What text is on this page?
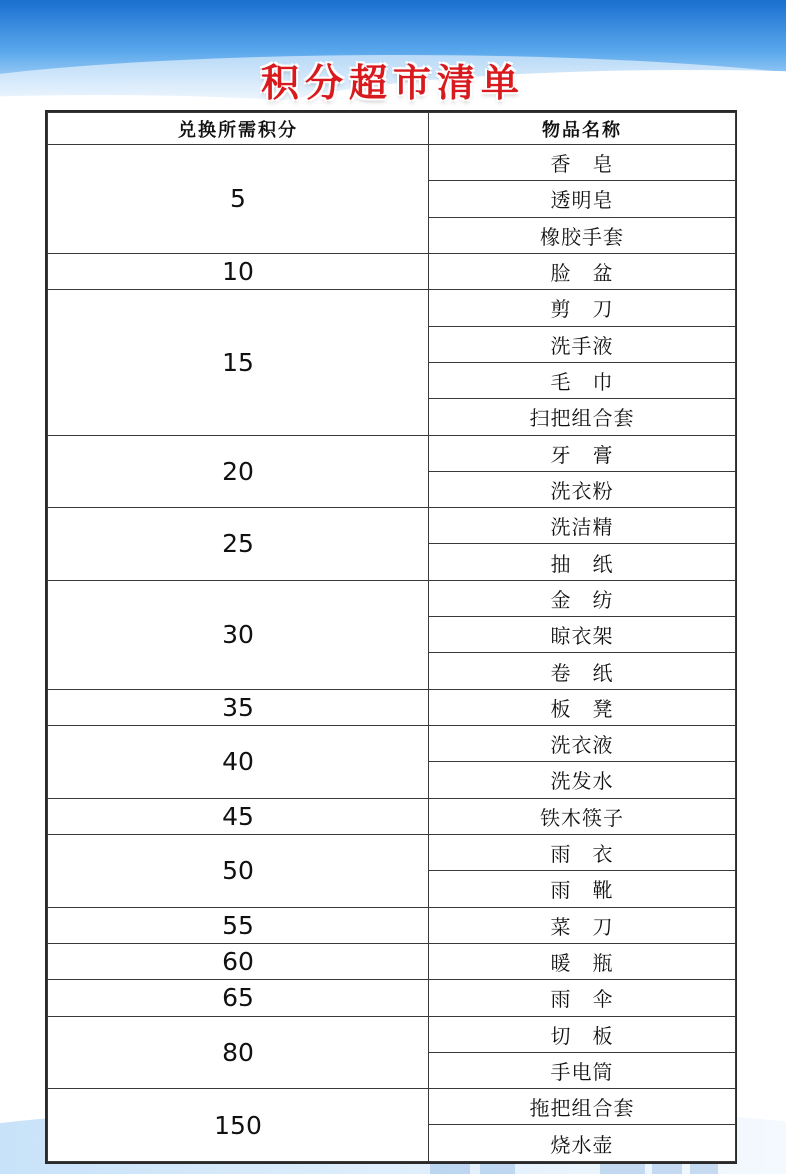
积分超市清单
兑换所需积分	物品名称
5	香　皂
	透明皂
	橡胶手套
10	脸　盆
15	剪　刀
	洗手液
	毛　巾
	扫把组合套
20	牙　膏
	洗衣粉
25	洗洁精
	抽　纸
30	金　纺
	晾衣架
	卷　纸
35	板　凳
40	洗衣液
	洗发水
45	铁木筷子
50	雨　衣
	雨　靴
55	菜　刀
60	暖　瓶
65	雨　伞
80	切　板
	手电筒
150	拖把组合套
	烧水壶
